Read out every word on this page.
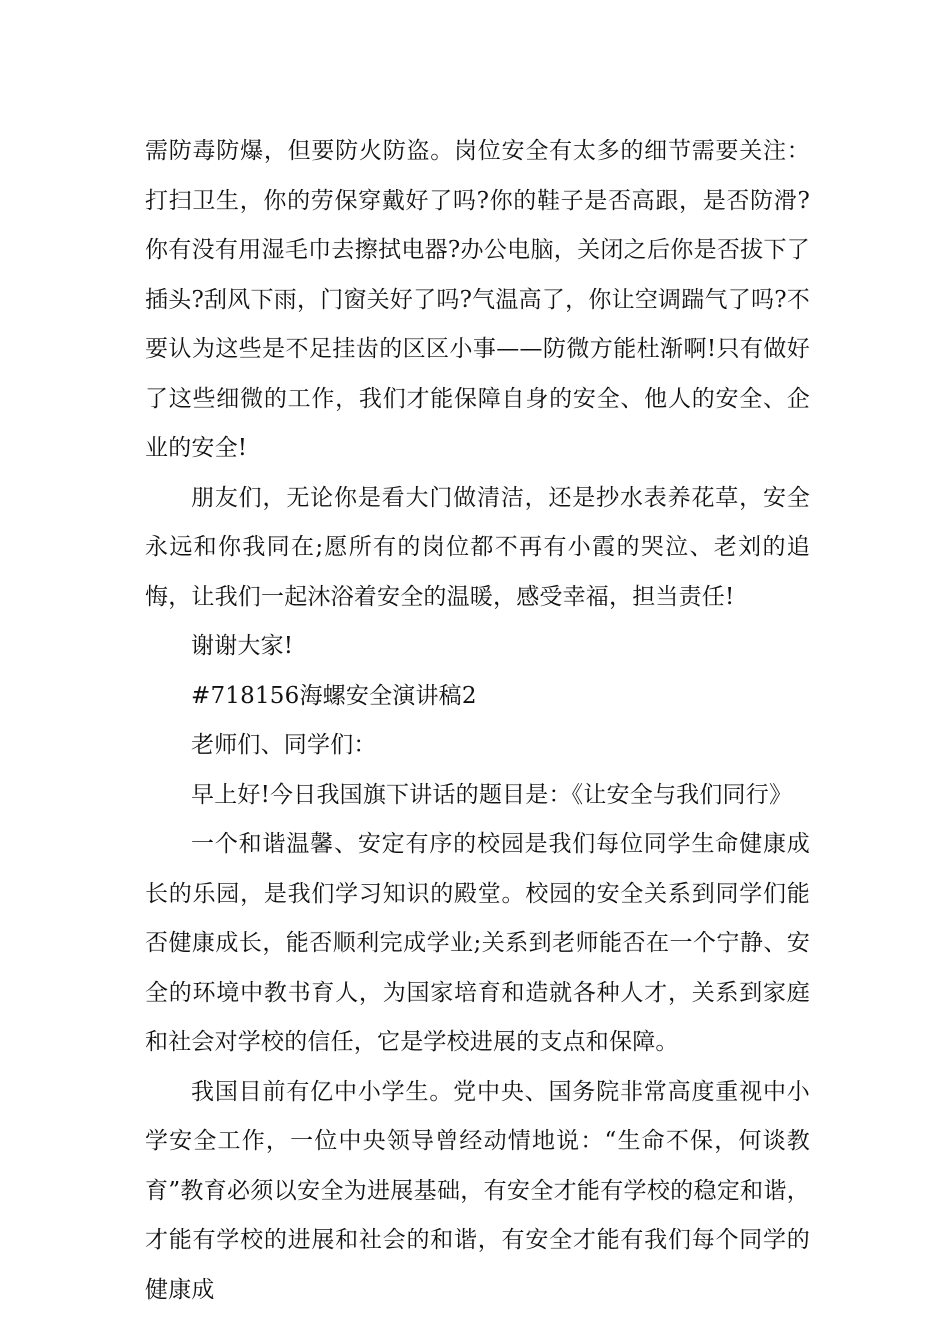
需防毒防爆，但要防火防盗。岗位安全有太多的细节需要关注：打扫卫生，你的劳保穿戴好了吗?你的鞋子是否高跟，是否防滑?你有没有用湿毛巾去擦拭电器?办公电脑，关闭之后你是否拔下了插头?刮风下雨，门窗关好了吗?气温高了，你让空调踹气了吗?不要认为这些是不足挂齿的区区小事——防微方能杜渐啊!只有做好了这些细微的工作，我们才能保障自身的安全、他人的安全、企业的安全!

朋友们，无论你是看大门做清洁，还是抄水表养花草，安全永远和你我同在;愿所有的岗位都不再有小霞的哭泣、老刘的追悔，让我们一起沐浴着安全的温暖，感受幸福，担当责任!

谢谢大家!

#718156海螺安全演讲稿2

老师们、同学们：

早上好!今日我国旗下讲话的题目是：《让安全与我们同行》

一个和谐温馨、安定有序的校园是我们每位同学生命健康成长的乐园，是我们学习知识的殿堂。校园的安全关系到同学们能否健康成长，能否顺利完成学业;关系到老师能否在一个宁静、安全的环境中教书育人，为国家培育和造就各种人才，关系到家庭和社会对学校的信任，它是学校进展的支点和保障。

我国目前有亿中小学生。党中央、国务院非常高度重视中小学安全工作，一位中央领导曾经动情地说：“生命不保，何谈教育”教育必须以安全为进展基础，有安全才能有学校的稳定和谐，才能有学校的进展和社会的和谐，有安全才能有我们每个同学的健康成
